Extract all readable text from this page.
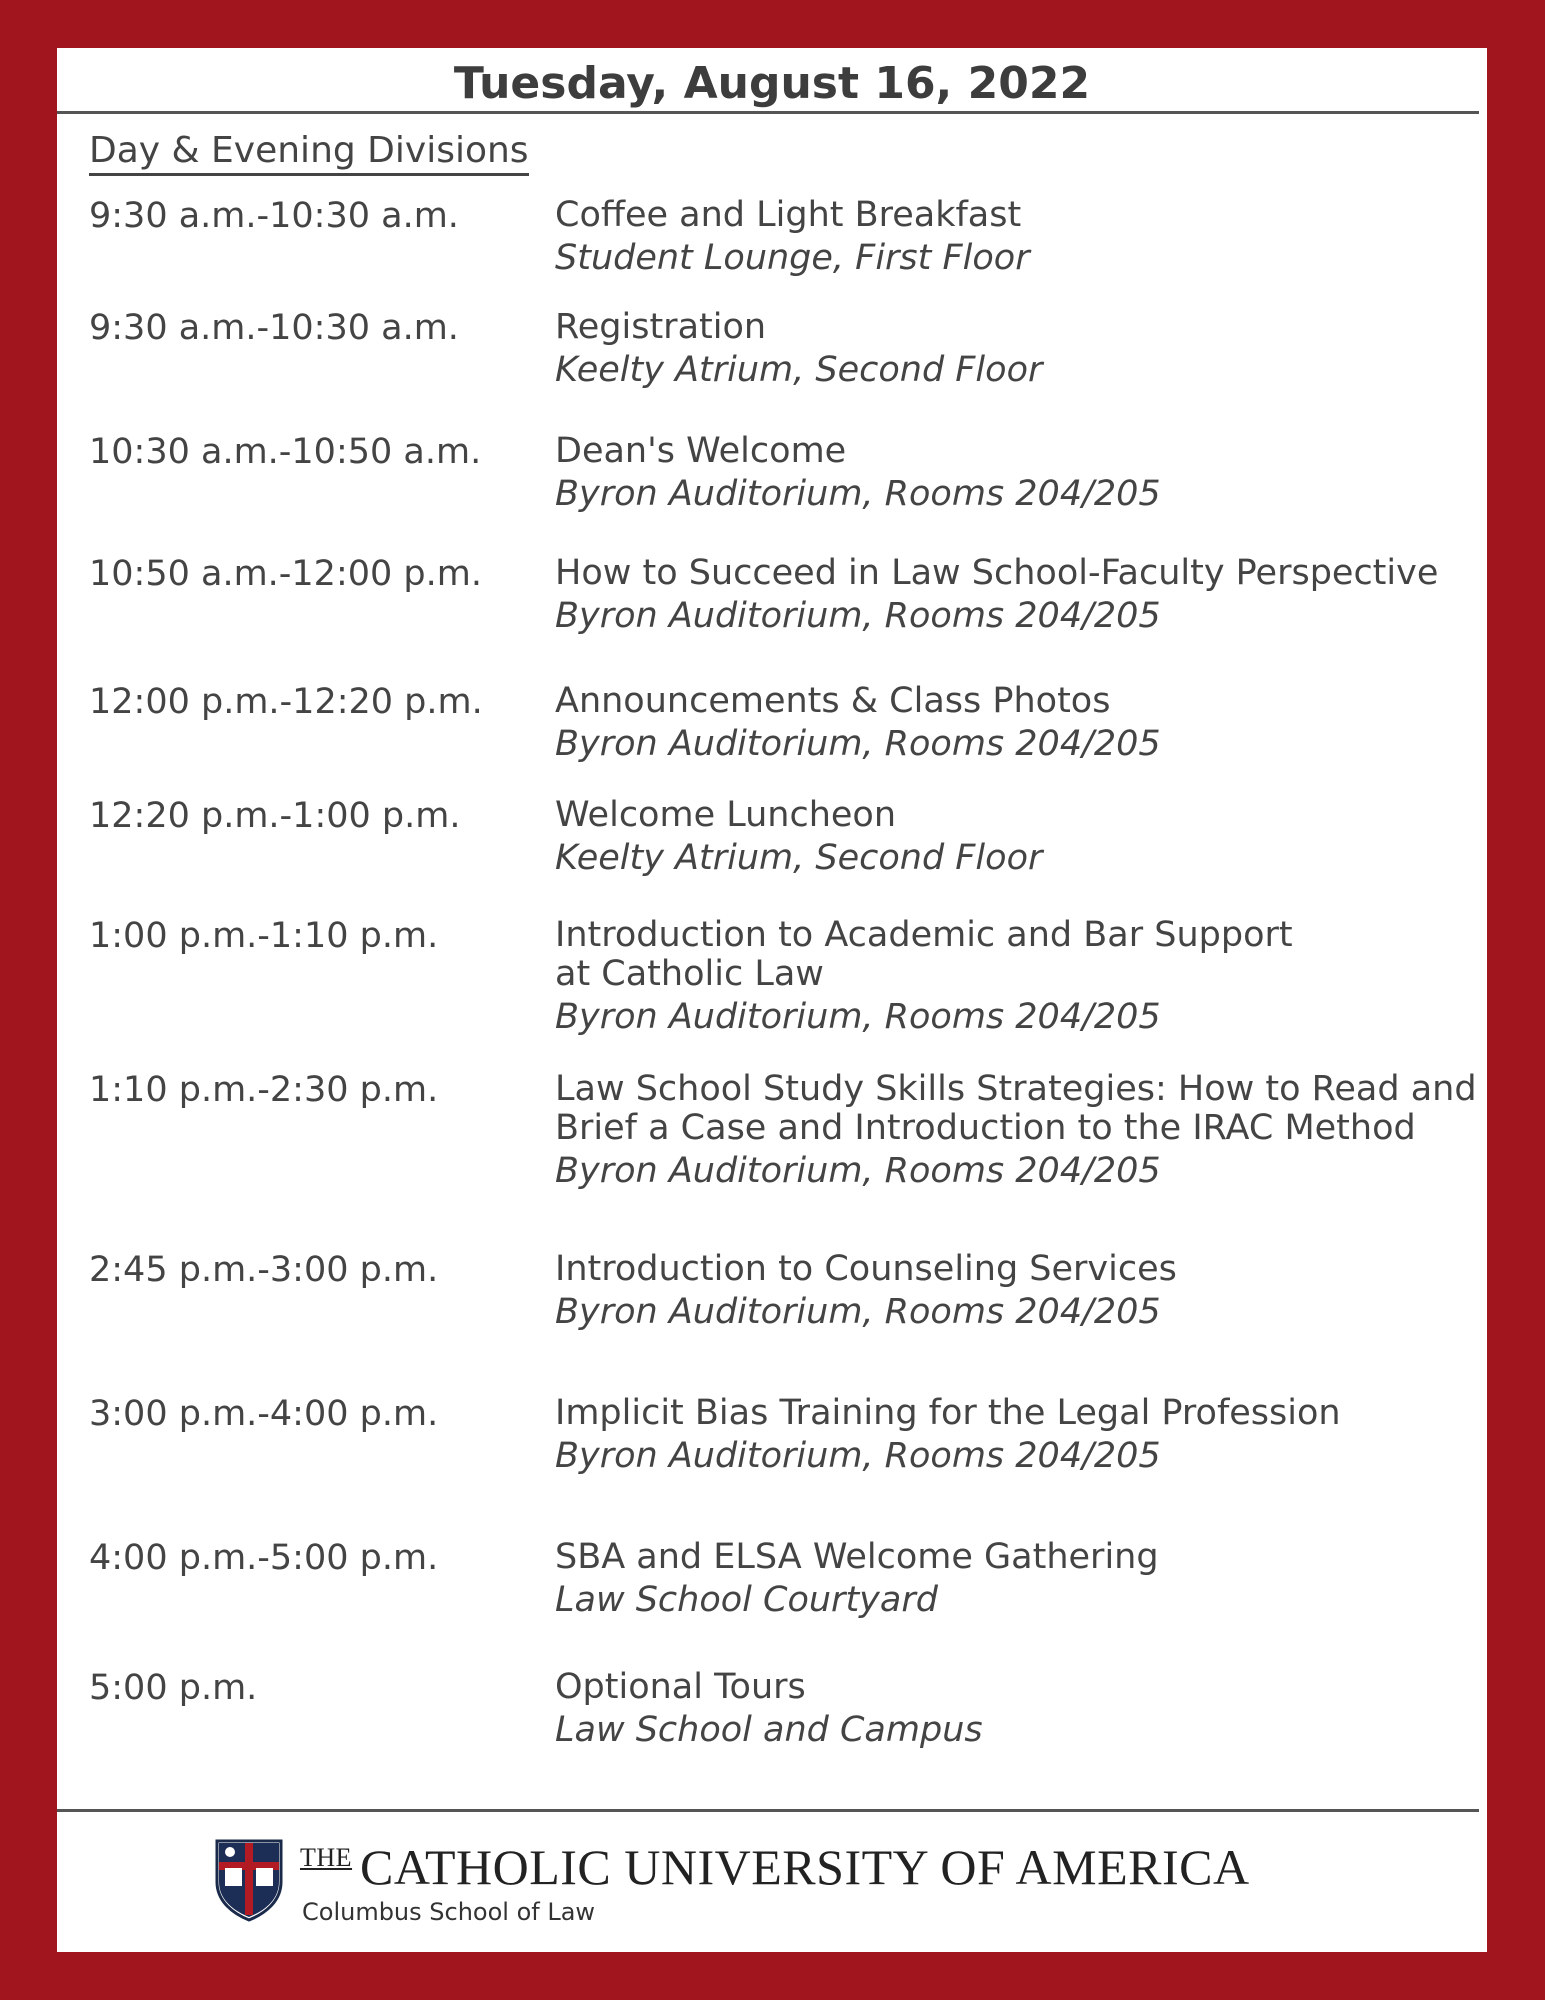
Tuesday, August 16, 2022
Day & Evening Divisions
9:30 a.m.-10:30 a.m.	Coffee and Light Breakfast
Student Lounge, First Floor
9:30 a.m.-10:30 a.m.	Registration
Keelty Atrium, Second Floor
10:30 a.m.-10:50 a.m. Dean's Welcome
Byron Auditorium, Rooms 204/205
10:50 a.m.-12:00 p.m. How to Succeed in Law School-Faculty Perspective
Byron Auditorium, Rooms 204/205
12:00 p.m.-12:20 p.m. Announcements & Class Photos
Byron Auditorium, Rooms 204/205
12:20 p.m.-1:00 p.m.	Welcome Luncheon
Keelty Atrium, Second Floor
1:00 p.m.-1:10 p.m.	Introduction to Academic and Bar Support at Catholic Law
Byron Auditorium, Rooms 204/205
1:10 p.m.-2:30 p.m.	Law School Study Skills Strategies: How to Read and Brief a Case and Introduction to the IRAC Method
Byron Auditorium, Rooms 204/205
2:45 p.m.-3:00 p.m.	Introduction to Counseling Services
Byron Auditorium, Rooms 204/205
3:00 p.m.-4:00 p.m.	Implicit Bias Training for the Legal Profession
Byron Auditorium, Rooms 204/205
4:00 p.m.-5:00 p.m.	SBA and ELSA Welcome Gathering
Law School Courtyard
5:00 p.m.	Optional Tours
Law School and Campus
$^{THE}$ CATHOLIC UNIVERSITY OF AMERICA
Columbus School of Law
